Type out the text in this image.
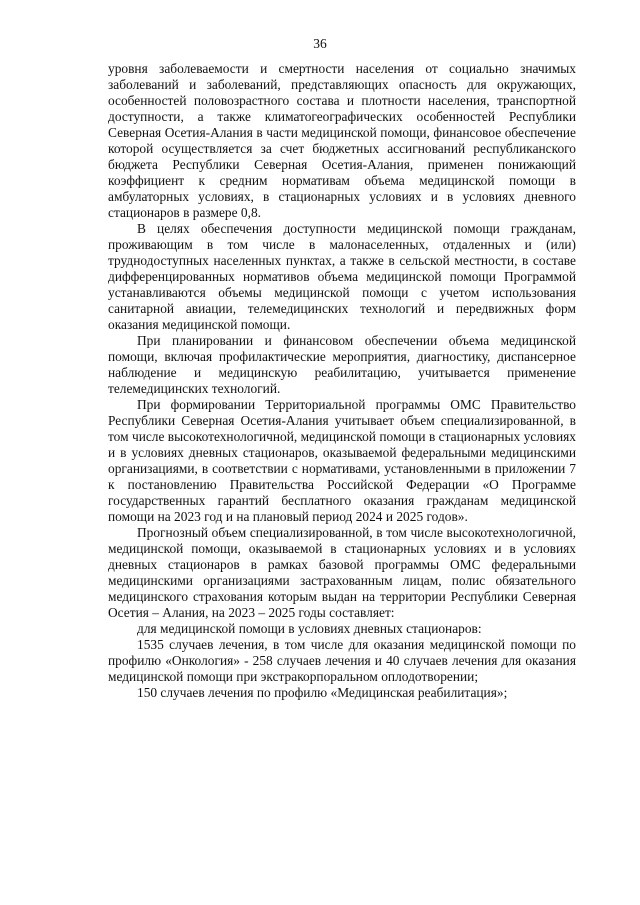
36

уровня заболеваемости и смертности населения от социально значимых заболеваний и заболеваний, представляющих опасность для окружающих, особенностей половозрастного состава и плотности населения, транспортной доступности, а также климатогеографических особенностей Республики Северная Осетия-Алания в части медицинской помощи, финансовое обеспечение которой осуществляется за счет бюджетных ассигнований республиканского бюджета Республики Северная Осетия-Алания, применен понижающий коэффициент к средним нормативам объема медицинской помощи в амбулаторных условиях, в стационарных условиях и в условиях дневного стационаров в размере 0,8.

В целях обеспечения доступности медицинской помощи гражданам, проживающим в том числе в малонаселенных, отдаленных и (или) труднодоступных населенных пунктах, а также в сельской местности, в составе дифференцированных нормативов объема медицинской помощи Программой устанавливаются объемы медицинской помощи с учетом использования санитарной авиации, телемедицинских технологий и передвижных форм оказания медицинской помощи.

При планировании и финансовом обеспечении объема медицинской помощи, включая профилактические мероприятия, диагностику, диспансерное наблюдение и медицинскую реабилитацию, учитывается применение телемедицинских технологий.

При формировании Территориальной программы ОМС Правительство Республики Северная Осетия-Алания учитывает объем специализированной, в том числе высокотехнологичной, медицинской помощи в стационарных условиях и в условиях дневных стационаров, оказываемой федеральными медицинскими организациями, в соответствии с нормативами, установленными в приложении 7 к постановлению Правительства Российской Федерации «О Программе государственных гарантий бесплатного оказания гражданам медицинской помощи на 2023 год и на плановый период 2024 и 2025 годов».

Прогнозный объем специализированной, в том числе высокотехнологичной, медицинской помощи, оказываемой в стационарных условиях и в условиях дневных стационаров в рамках базовой программы ОМС федеральными медицинскими организациями застрахованным лицам, полис обязательного медицинского страхования которым выдан на территории Республики Северная Осетия – Алания, на 2023 – 2025 годы составляет:

для медицинской помощи в условиях дневных стационаров:

1535 случаев лечения, в том числе для оказания медицинской помощи по профилю «Онкология» - 258 случаев лечения и 40 случаев лечения для оказания медицинской помощи при экстракорпоральном оплодотворении;

150 случаев лечения по профилю «Медицинская реабилитация»;
